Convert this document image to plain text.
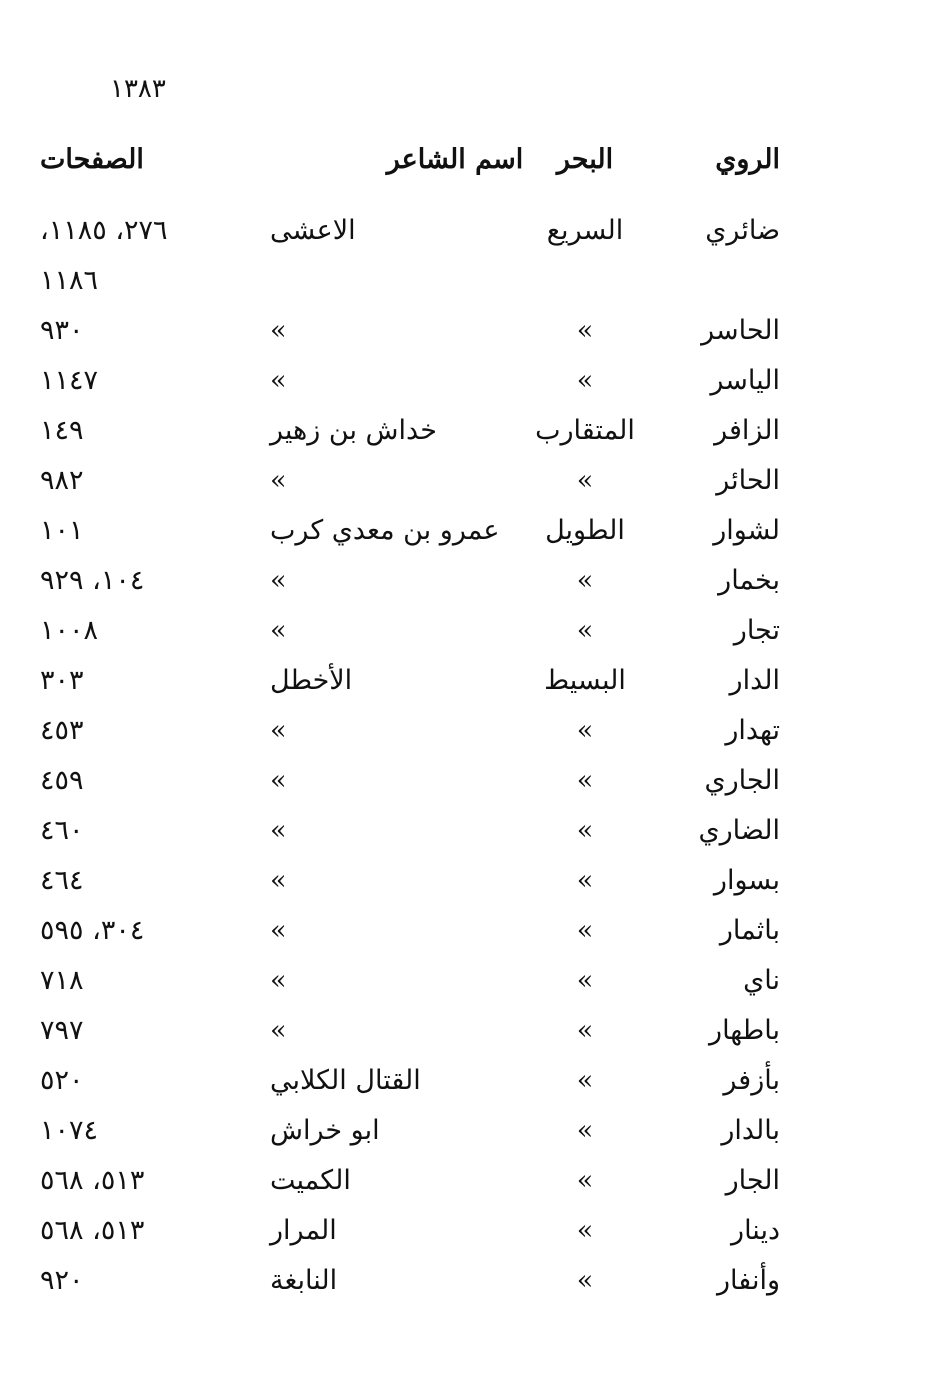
١٣٨٣
الروي
البحر
اسم الشاعر
الصفحات
ضائري
السريع
الاعشى
٢٧٦، ١١٨٥،
١١٨٦
الحاسر
»
»
٩٣٠
الياسر
»
»
١١٤٧
الزافر
المتقارب
خداش بن زهير
١٤٩
الحائر
»
»
٩٨٢
لشوار
الطويل
عمرو بن معدي كرب
١٠١
بخمار
»
»
١٠٤، ٩٢٩
تجار
»
»
١٠٠٨
الدار
البسيط
الأخطل
٣٠٣
تهدار
»
»
٤٥٣
الجاري
»
»
٤٥٩
الضاري
»
»
٤٦٠
بسوار
»
»
٤٦٤
باثمار
»
»
٣٠٤، ٥٩٥
ناي
»
»
٧١٨
باطهار
»
»
٧٩٧
بأزفر
»
القتال الكلابي
٥٢٠
بالدار
»
ابو خراش
١٠٧٤
الجار
»
الكميت
٥١٣، ٥٦٨
دينار
»
المرار
٥١٣، ٥٦٨
وأنفار
»
النابغة
٩٢٠
